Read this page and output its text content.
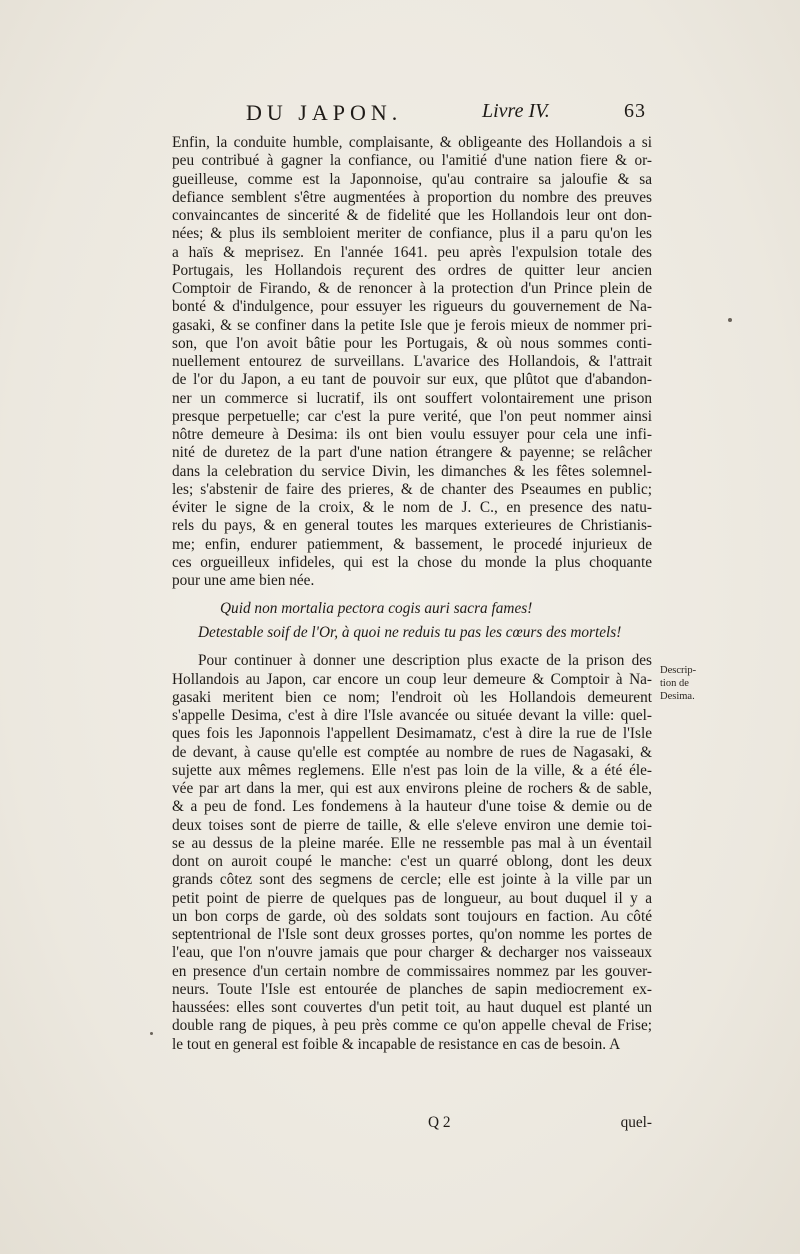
DU JAPON.	Livre IV.	63
Enfin, la conduite humble, complaisante, & obligeante des Hollandois a si
peu contribué à gagner la confiance, ou l'amitié d'une nation fiere & or-
gueilleuse, comme est la Japonnoise, qu'au contraire sa jaloufie & sa
defiance semblent s'être augmentées à proportion du nombre des preuves
convaincantes de sincerité & de fidelité que les Hollandois leur ont don-
nées; & plus ils sembloient meriter de confiance, plus il a paru qu'on les
a haïs & meprisez. En l'année 1641. peu après l'expulsion totale des
Portugais, les Hollandois reçurent des ordres de quitter leur ancien
Comptoir de Firando, & de renoncer à la protection d'un Prince plein de
bonté & d'indulgence, pour essuyer les rigueurs du gouvernement de Na-
gasaki, & se confiner dans la petite Isle que je ferois mieux de nommer pri-
son, que l'on avoit bâtie pour les Portugais, & où nous sommes conti-
nuellement entourez de surveillans. L'avarice des Hollandois, & l'attrait
de l'or du Japon, a eu tant de pouvoir sur eux, que plûtot que d'abandon-
ner un commerce si lucratif, ils ont souffert volontairement une prison
presque perpetuelle; car c'est la pure verité, que l'on peut nommer ainsi
nôtre demeure à Desima: ils ont bien voulu essuyer pour cela une infi-
nité de duretez de la part d'une nation étrangere & payenne; se relâcher
dans la celebration du service Divin, les dimanches & les fêtes solemnel-
les; s'abstenir de faire des prieres, & de chanter des Pseaumes en public;
éviter le signe de la croix, & le nom de J. C., en presence des natu-
rels du pays, & en general toutes les marques exterieures de Christianis-
me; enfin, endurer patiemment, & bassement, le procedé injurieux de
ces orgueilleux infideles, qui est la chose du monde la plus choquante
pour une ame bien née.
Quid non mortalia pectora cogis auri sacra fames!
Detestable soif de l'Or, à quoi ne reduis tu pas les cœurs des mortels!
Pour continuer à donner une description plus exacte de la prison des
Hollandois au Japon, car encore un coup leur demeure & Comptoir à Na-
gasaki meritent bien ce nom; l'endroit où les Hollandois demeurent
s'appelle Desima, c'est à dire l'Isle avancée ou située devant la ville: quel-
ques fois les Japonnois l'appellent Desimamatz, c'est à dire la rue de l'Isle
de devant, à cause qu'elle est comptée au nombre de rues de Nagasaki, &
sujette aux mêmes reglemens. Elle n'est pas loin de la ville, & a été éle-
vée par art dans la mer, qui est aux environs pleine de rochers & de sable,
& a peu de fond. Les fondemens à la hauteur d'une toise & demie ou de
deux toises sont de pierre de taille, & elle s'eleve environ une demie toi-
se au dessus de la pleine marée. Elle ne ressemble pas mal à un éventail
dont on auroit coupé le manche: c'est un quarré oblong, dont les deux
grands côtez sont des segmens de cercle; elle est jointe à la ville par un
petit point de pierre de quelques pas de longueur, au bout duquel il y a
un bon corps de garde, où des soldats sont toujours en faction. Au côté
septentrional de l'Isle sont deux grosses portes, qu'on nomme les portes de
l'eau, que l'on n'ouvre jamais que pour charger & decharger nos vaisseaux
en presence d'un certain nombre de commissaires nommez par les gouver-
neurs. Toute l'Isle est entourée de planches de sapin mediocrement ex-
haussées: elles sont couvertes d'un petit toit, au haut duquel est planté un
double rang de piques, à peu près comme ce qu'on appelle cheval de Frise;
le tout en general est foible & incapable de resistance en cas de besoin. A
Descrip-
tion de
Desima.
Q 2	quel-
